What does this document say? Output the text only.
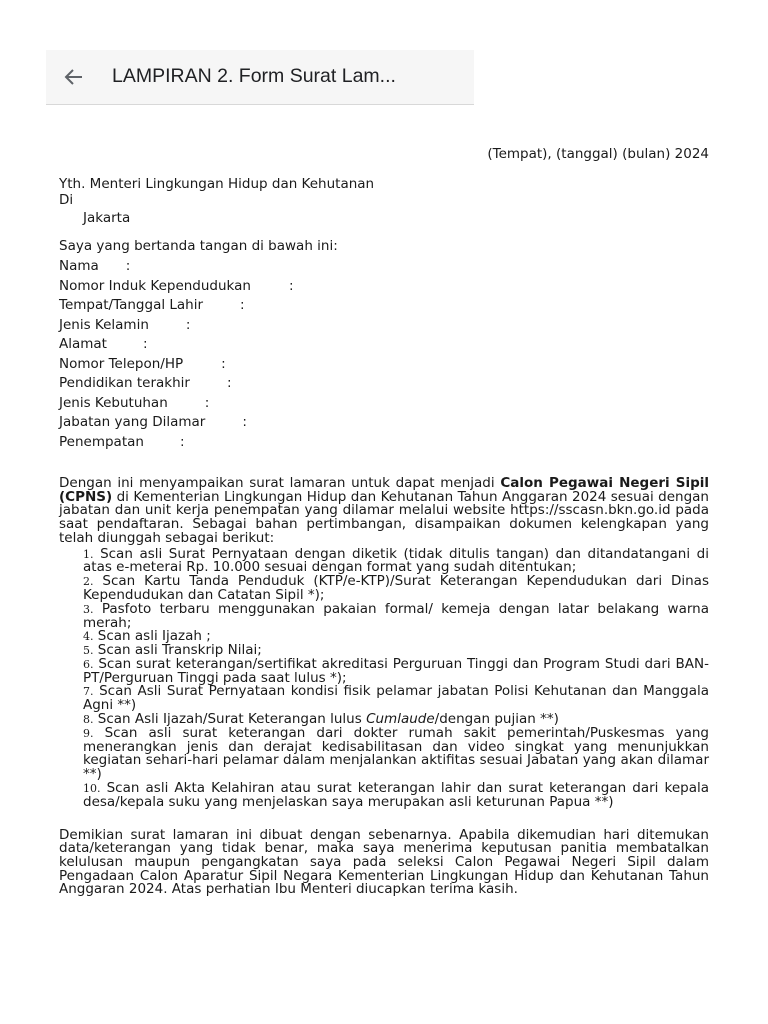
LAMPIRAN 2. Form Surat Lam...
(Tempat), (tanggal) (bulan) 2024
Yth. Menteri Lingkungan Hidup dan Kehutanan
Di
Jakarta
Saya yang bertanda tangan di bawah ini:
Nama :
Nomor Induk Kependudukan	:
Tempat/Tanggal Lahir	:
Jenis Kelamin	:
Alamat	:
Nomor Telepon/HP	:
Pendidikan terakhir	:
Jenis Kebutuhan	:
Jabatan yang Dilamar	:
Penempatan	:
Dengan ini menyampaikan surat lamaran untuk dapat menjadi Calon Pegawai Negeri Sipil (CPNS) di Kementerian Lingkungan Hidup dan Kehutanan Tahun Anggaran 2024 sesuai dengan jabatan dan unit kerja penempatan yang dilamar melalui website https://sscasn.bkn.go.id pada saat pendaftaran. Sebagai bahan pertimbangan, disampaikan dokumen kelengkapan yang telah diunggah sebagai berikut:
1. Scan asli Surat Pernyataan dengan diketik (tidak ditulis tangan) dan ditandatangani di atas e-meterai Rp. 10.000 sesuai dengan format yang sudah ditentukan;
2. Scan Kartu Tanda Penduduk (KTP/e-KTP)/Surat Keterangan Kependudukan dari Dinas Kependudukan dan Catatan Sipil *);
3. Pasfoto terbaru menggunakan pakaian formal/ kemeja dengan latar belakang warna merah;
4. Scan asli Ijazah ;
5. Scan asli Transkrip Nilai;
6. Scan surat keterangan/sertifikat akreditasi Perguruan Tinggi dan Program Studi dari BAN-PT/Perguruan Tinggi pada saat lulus *);
7. Scan Asli Surat Pernyataan kondisi fisik pelamar jabatan Polisi Kehutanan dan Manggala Agni **)
8. Scan Asli Ijazah/Surat Keterangan lulus Cumlaude/dengan pujian **)
9. Scan asli surat keterangan dari dokter rumah sakit pemerintah/Puskesmas yang menerangkan jenis dan derajat kedisabilitasan dan video singkat yang menunjukkan kegiatan sehari-hari pelamar dalam menjalankan aktifitas sesuai Jabatan yang akan dilamar **)
10. Scan asli Akta Kelahiran atau surat keterangan lahir dan surat keterangan dari kepala desa/kepala suku yang menjelaskan saya merupakan asli keturunan Papua **)
Demikian surat lamaran ini dibuat dengan sebenarnya. Apabila dikemudian hari ditemukan data/keterangan yang tidak benar, maka saya menerima keputusan panitia membatalkan kelulusan maupun pengangkatan saya pada seleksi Calon Pegawai Negeri Sipil dalam Pengadaan Calon Aparatur Sipil Negara Kementerian Lingkungan Hidup dan Kehutanan Tahun Anggaran 2024. Atas perhatian Ibu Menteri diucapkan terima kasih.
